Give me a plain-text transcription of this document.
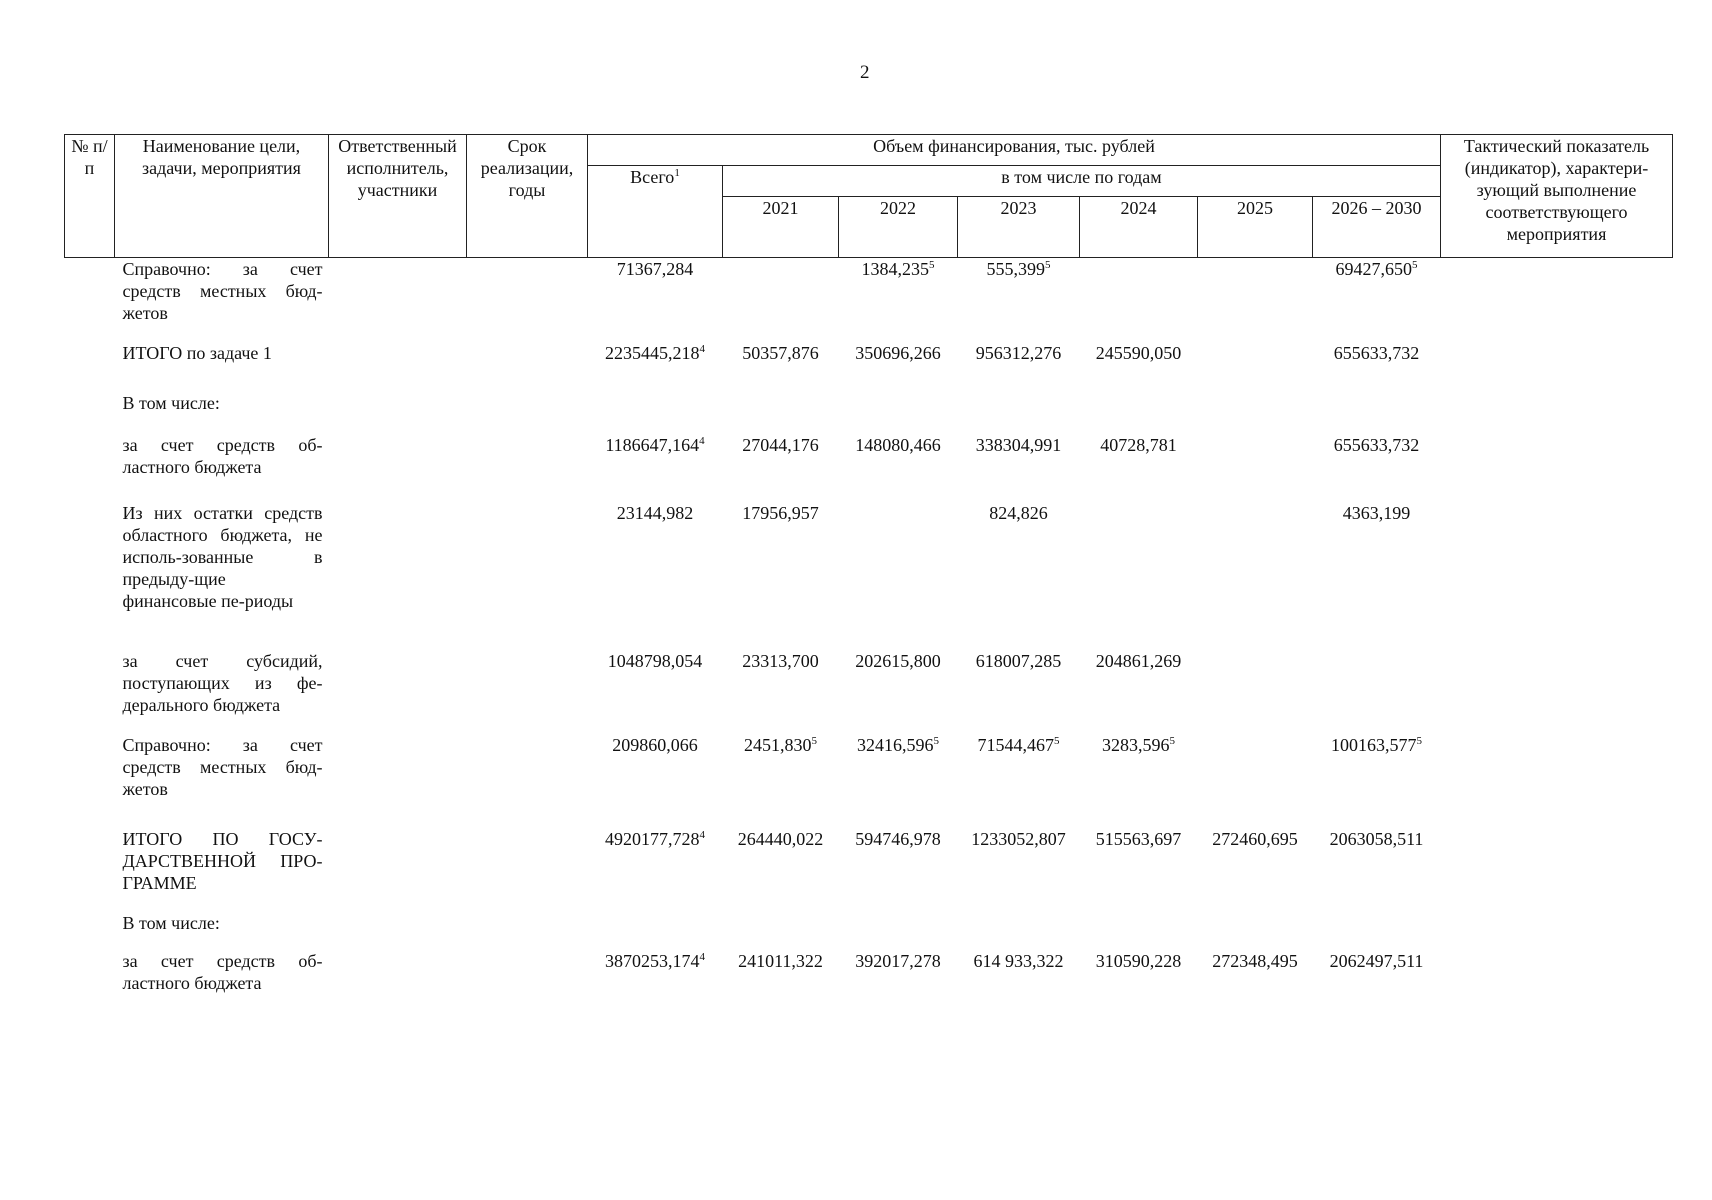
2
№ п/п	Наименование цели, задачи, мероприятия	Ответственный исполнитель, участники	Срок реализации, годы	Объем финансирования, тыс. рублей							Тактический показатель (индикатор), характери-зующий выполнение соответствующего мероприятия
				Всего$^1$	в том числе по годам						
					2021	2022	2023	2024	2025	2026 – 2030	
	Справочно: за счет средств местных бюд-жетов			71367,284		1384,235$^5$	555,399$^5$			69427,650$^5$	
	ИТОГО по задаче 1			2235445,218$^4$	50357,876	350696,266	956312,276	245590,050		655633,732	
	В том числе:										
	за счет средств об-ластного бюджета			1186647,164$^4$	27044,176	148080,466	338304,991	40728,781		655633,732	
	Из них остатки средств областного бюджета, не исполь-зованные в предыду-щие финансовые пе-риоды			23144,982	17956,957		824,826			4363,199	
	за счет субсидий, поступающих из фе-дерального бюджета			1048798,054	23313,700	202615,800	618007,285	204861,269			
	Справочно: за счет средств местных бюд-жетов			209860,066	2451,830$^5$	32416,596$^5$	71544,467$^5$	3283,596$^5$		100163,577$^5$	
	ИТОГО ПО ГОСУ-ДАРСТВЕННОЙ ПРО-ГРАММЕ			4920177,728$^4$	264440,022	594746,978	1233052,807	515563,697	272460,695	2063058,511	
	В том числе:										
	за счет средств об-ластного бюджета			3870253,174$^4$	241011,322	392017,278	614 933,322	310590,228	272348,495	2062497,511	
